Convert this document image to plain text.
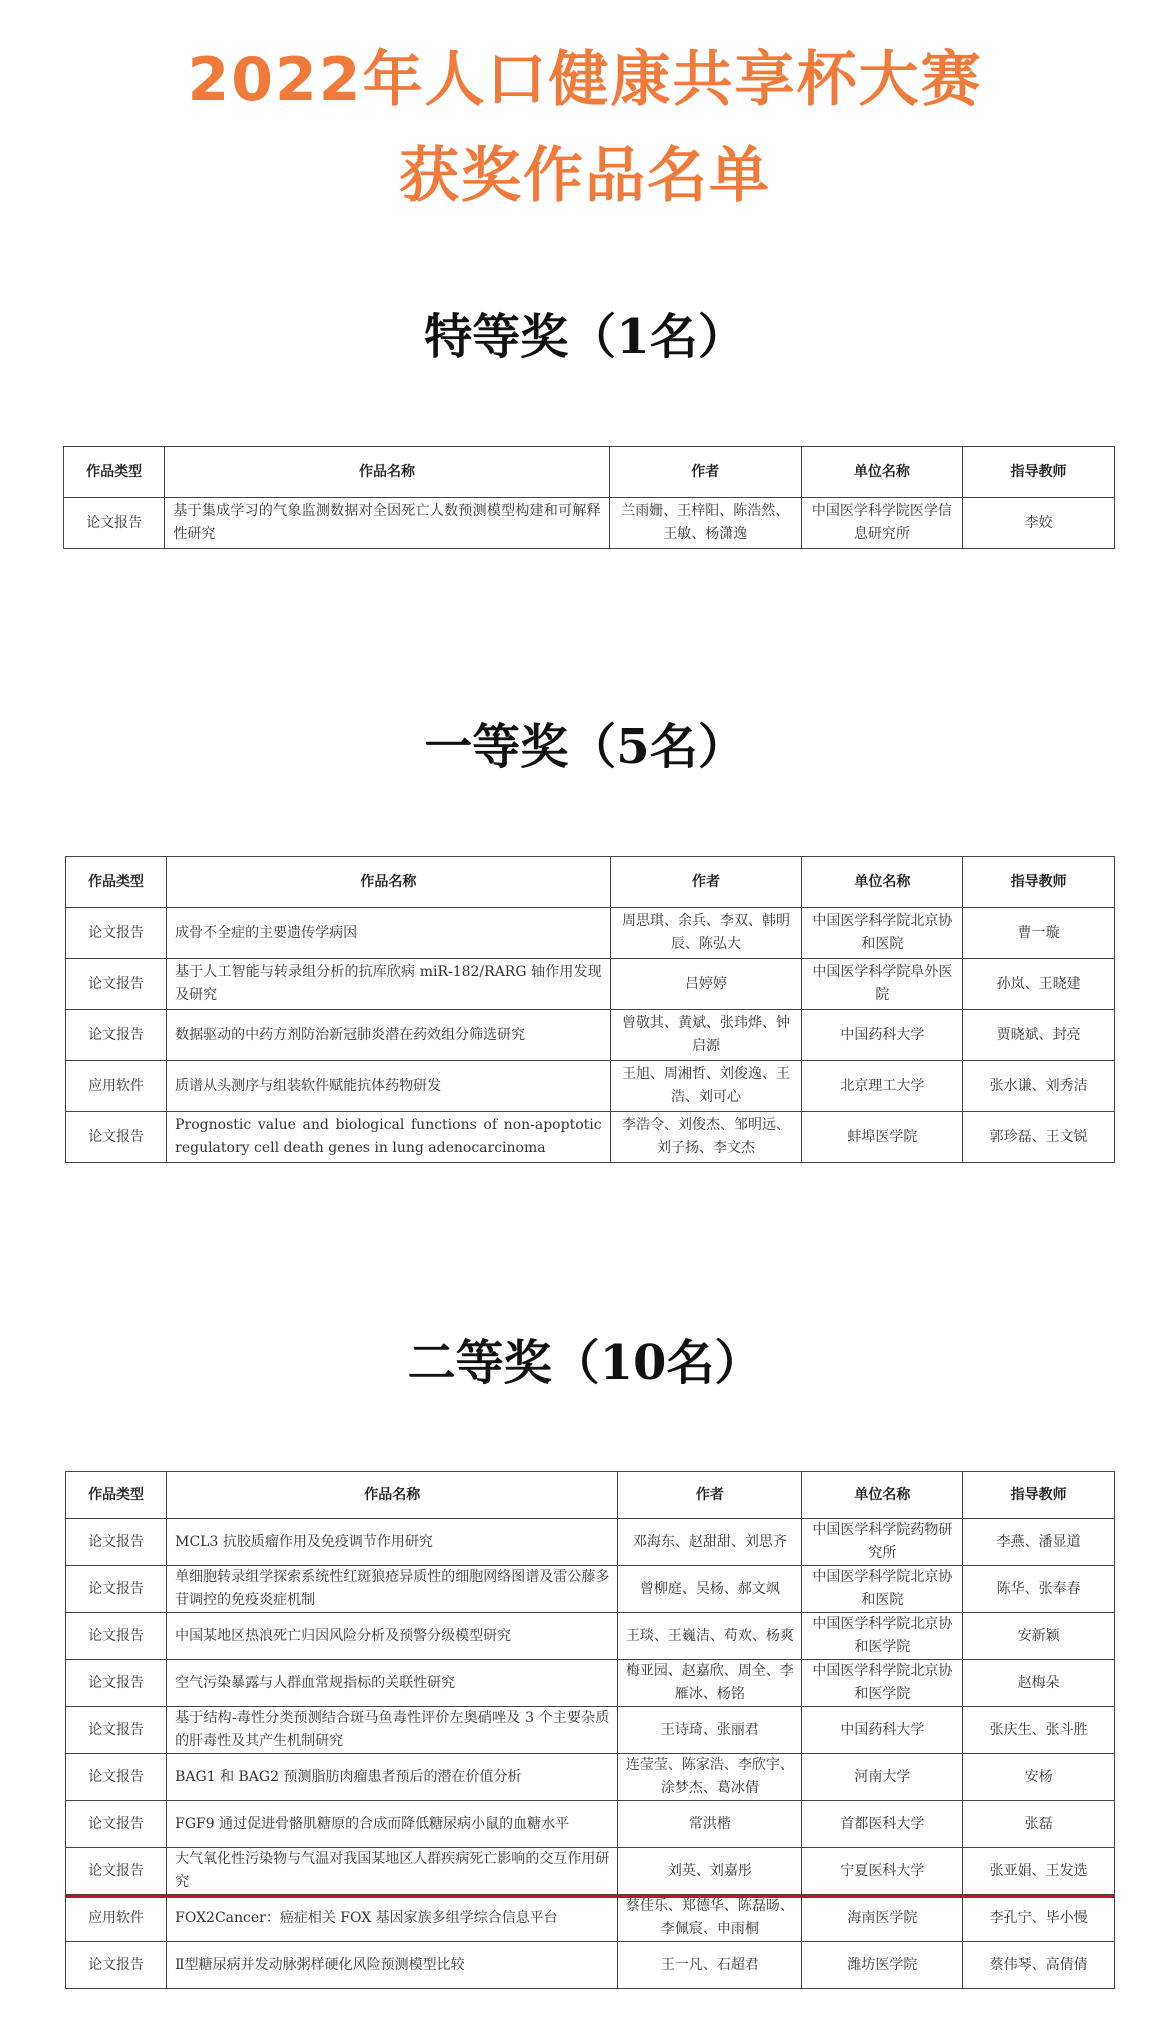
2022年人口健康共享杯大赛
获奖作品名单
特等奖（1名）
作品类型	作品名称	作者	单位名称	指导教师
论文报告	基于集成学习的气象监测数据对全因死亡人数预测模型构建和可解释性研究	兰雨姗、王梓阳、陈浩然、王敏、杨潇逸	中国医学科学院医学信息研究所	李姣
一等奖（5名）
作品类型	作品名称	作者	单位名称	指导教师
论文报告	成骨不全症的主要遗传学病因	周思琪、余兵、李双、韩明辰、陈弘大	中国医学科学院北京协和医院	曹一璇
论文报告	基于人工智能与转录组分析的抗库欣病 miR-182/RARG 轴作用发现及研究	吕婷婷	中国医学科学院阜外医院	孙岚、王晓建
论文报告	数据驱动的中药方剂防治新冠肺炎潜在药效组分筛选研究	曾敬其、黄斌、张玮烨、钟启源	中国药科大学	贾晓斌、封亮
应用软件	质谱从头测序与组装软件赋能抗体药物研发	王旭、周湘哲、刘俊逸、王浩、刘可心	北京理工大学	张水谦、刘秀洁
论文报告	Prognostic value and biological functions of non-apoptotic regulatory cell death genes in lung adenocarcinoma	李浩令、刘俊杰、邹明远、刘子扬、李文杰	蚌埠医学院	郭珍磊、王文锐
二等奖（10名）
作品类型	作品名称	作者	单位名称	指导教师
论文报告	MCL3 抗胶质瘤作用及免疫调节作用研究	邓海东、赵甜甜、刘思齐	中国医学科学院药物研究所	李燕、潘显道
论文报告	单细胞转录组学探索系统性红斑狼疮异质性的细胞网络图谱及雷公藤多苷调控的免疫炎症机制	曾柳庭、吴杨、郝文飒	中国医学科学院北京协和医院	陈华、张奉春
论文报告	中国某地区热浪死亡归因风险分析及预警分级模型研究	王琰、王巍洁、苟欢、杨爽	中国医学科学院北京协和医学院	安新颖
论文报告	空气污染暴露与人群血常规指标的关联性研究	梅亚园、赵嘉欣、周全、李雁冰、杨铭	中国医学科学院北京协和医学院	赵梅朵
论文报告	基于结构-毒性分类预测结合斑马鱼毒性评价左奥硝唑及 3 个主要杂质的肝毒性及其产生机制研究	王诗琦、张丽君	中国药科大学	张庆生、张斗胜
论文报告	BAG1 和 BAG2 预测脂肪肉瘤患者预后的潜在价值分析	连莹莹、陈家浩、李欣宇、涂梦杰、葛冰倩	河南大学	安杨
论文报告	FGF9 通过促进骨骼肌糖原的合成而降低糖尿病小鼠的血糖水平	常洪楷	首都医科大学	张磊
论文报告	大气氧化性污染物与气温对我国某地区人群疾病死亡影响的交互作用研究	刘英、刘嘉彤	宁夏医科大学	张亚娟、王发选
应用软件	FOX2Cancer：癌症相关 FOX 基因家族多组学综合信息平台	蔡佳乐、郑德华、陈磊旸、李佩宸、申雨桐	海南医学院	李孔宁、毕小慢
论文报告	Ⅱ型糖尿病并发动脉粥样硬化风险预测模型比较	王一凡、石超君	潍坊医学院	蔡伟琴、高倩倩
